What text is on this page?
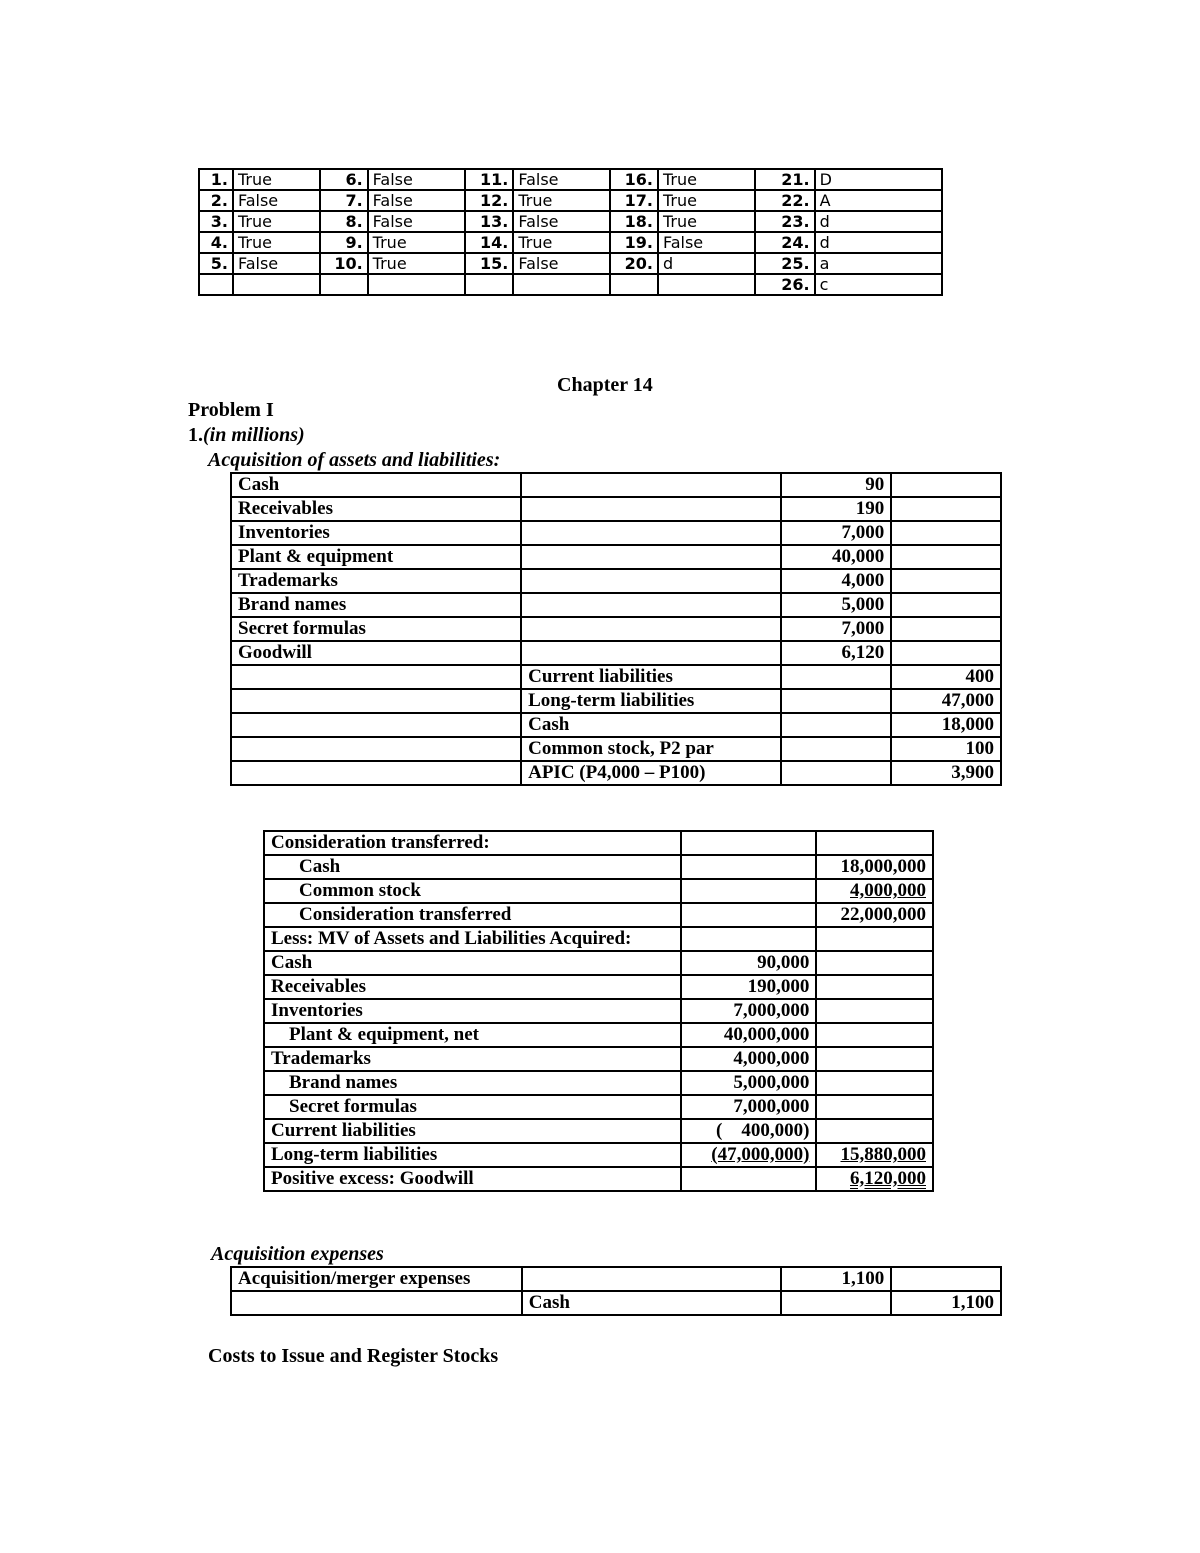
1.	True	6.	False	11.	False	16.	True	21.	D
2.	False	7.	False	12.	True	17.	True	22.	A
3.	True	8.	False	13.	False	18.	True	23.	d
4.	True	9.	True	14.	True	19.	False	24.	d
5.	False	10.	True	15.	False	20.	d	25.	a
								26.	c
Chapter 14
Problem I
1.(in millions)
Acquisition of assets and liabilities:
Cash		90	
Receivables		190	
Inventories		7,000	
Plant & equipment		40,000	
Trademarks		4,000	
Brand names		5,000	
Secret formulas		7,000	
Goodwill		6,120	
	Current liabilities		400
	Long-term liabilities		47,000
	Cash		18,000
	Common stock, P2 par		100
	APIC (P4,000 – P100)		3,900
Consideration transferred:		
Cash		18,000,000
Common stock		4,000,000
Consideration transferred		22,000,000
Less: MV of Assets and Liabilities Acquired:		
Cash	90,000	
Receivables	190,000	
Inventories	7,000,000	
Plant & equipment, net	40,000,000	
Trademarks	4,000,000	
Brand names	5,000,000	
Secret formulas	7,000,000	
Current liabilities	(    400,000)	
Long-term liabilities	(47,000,000)	15,880,000
Positive excess: Goodwill		6,120,000
Acquisition expenses
Acquisition/merger expenses		1,100	
	Cash		1,100
Costs to Issue and Register Stocks
